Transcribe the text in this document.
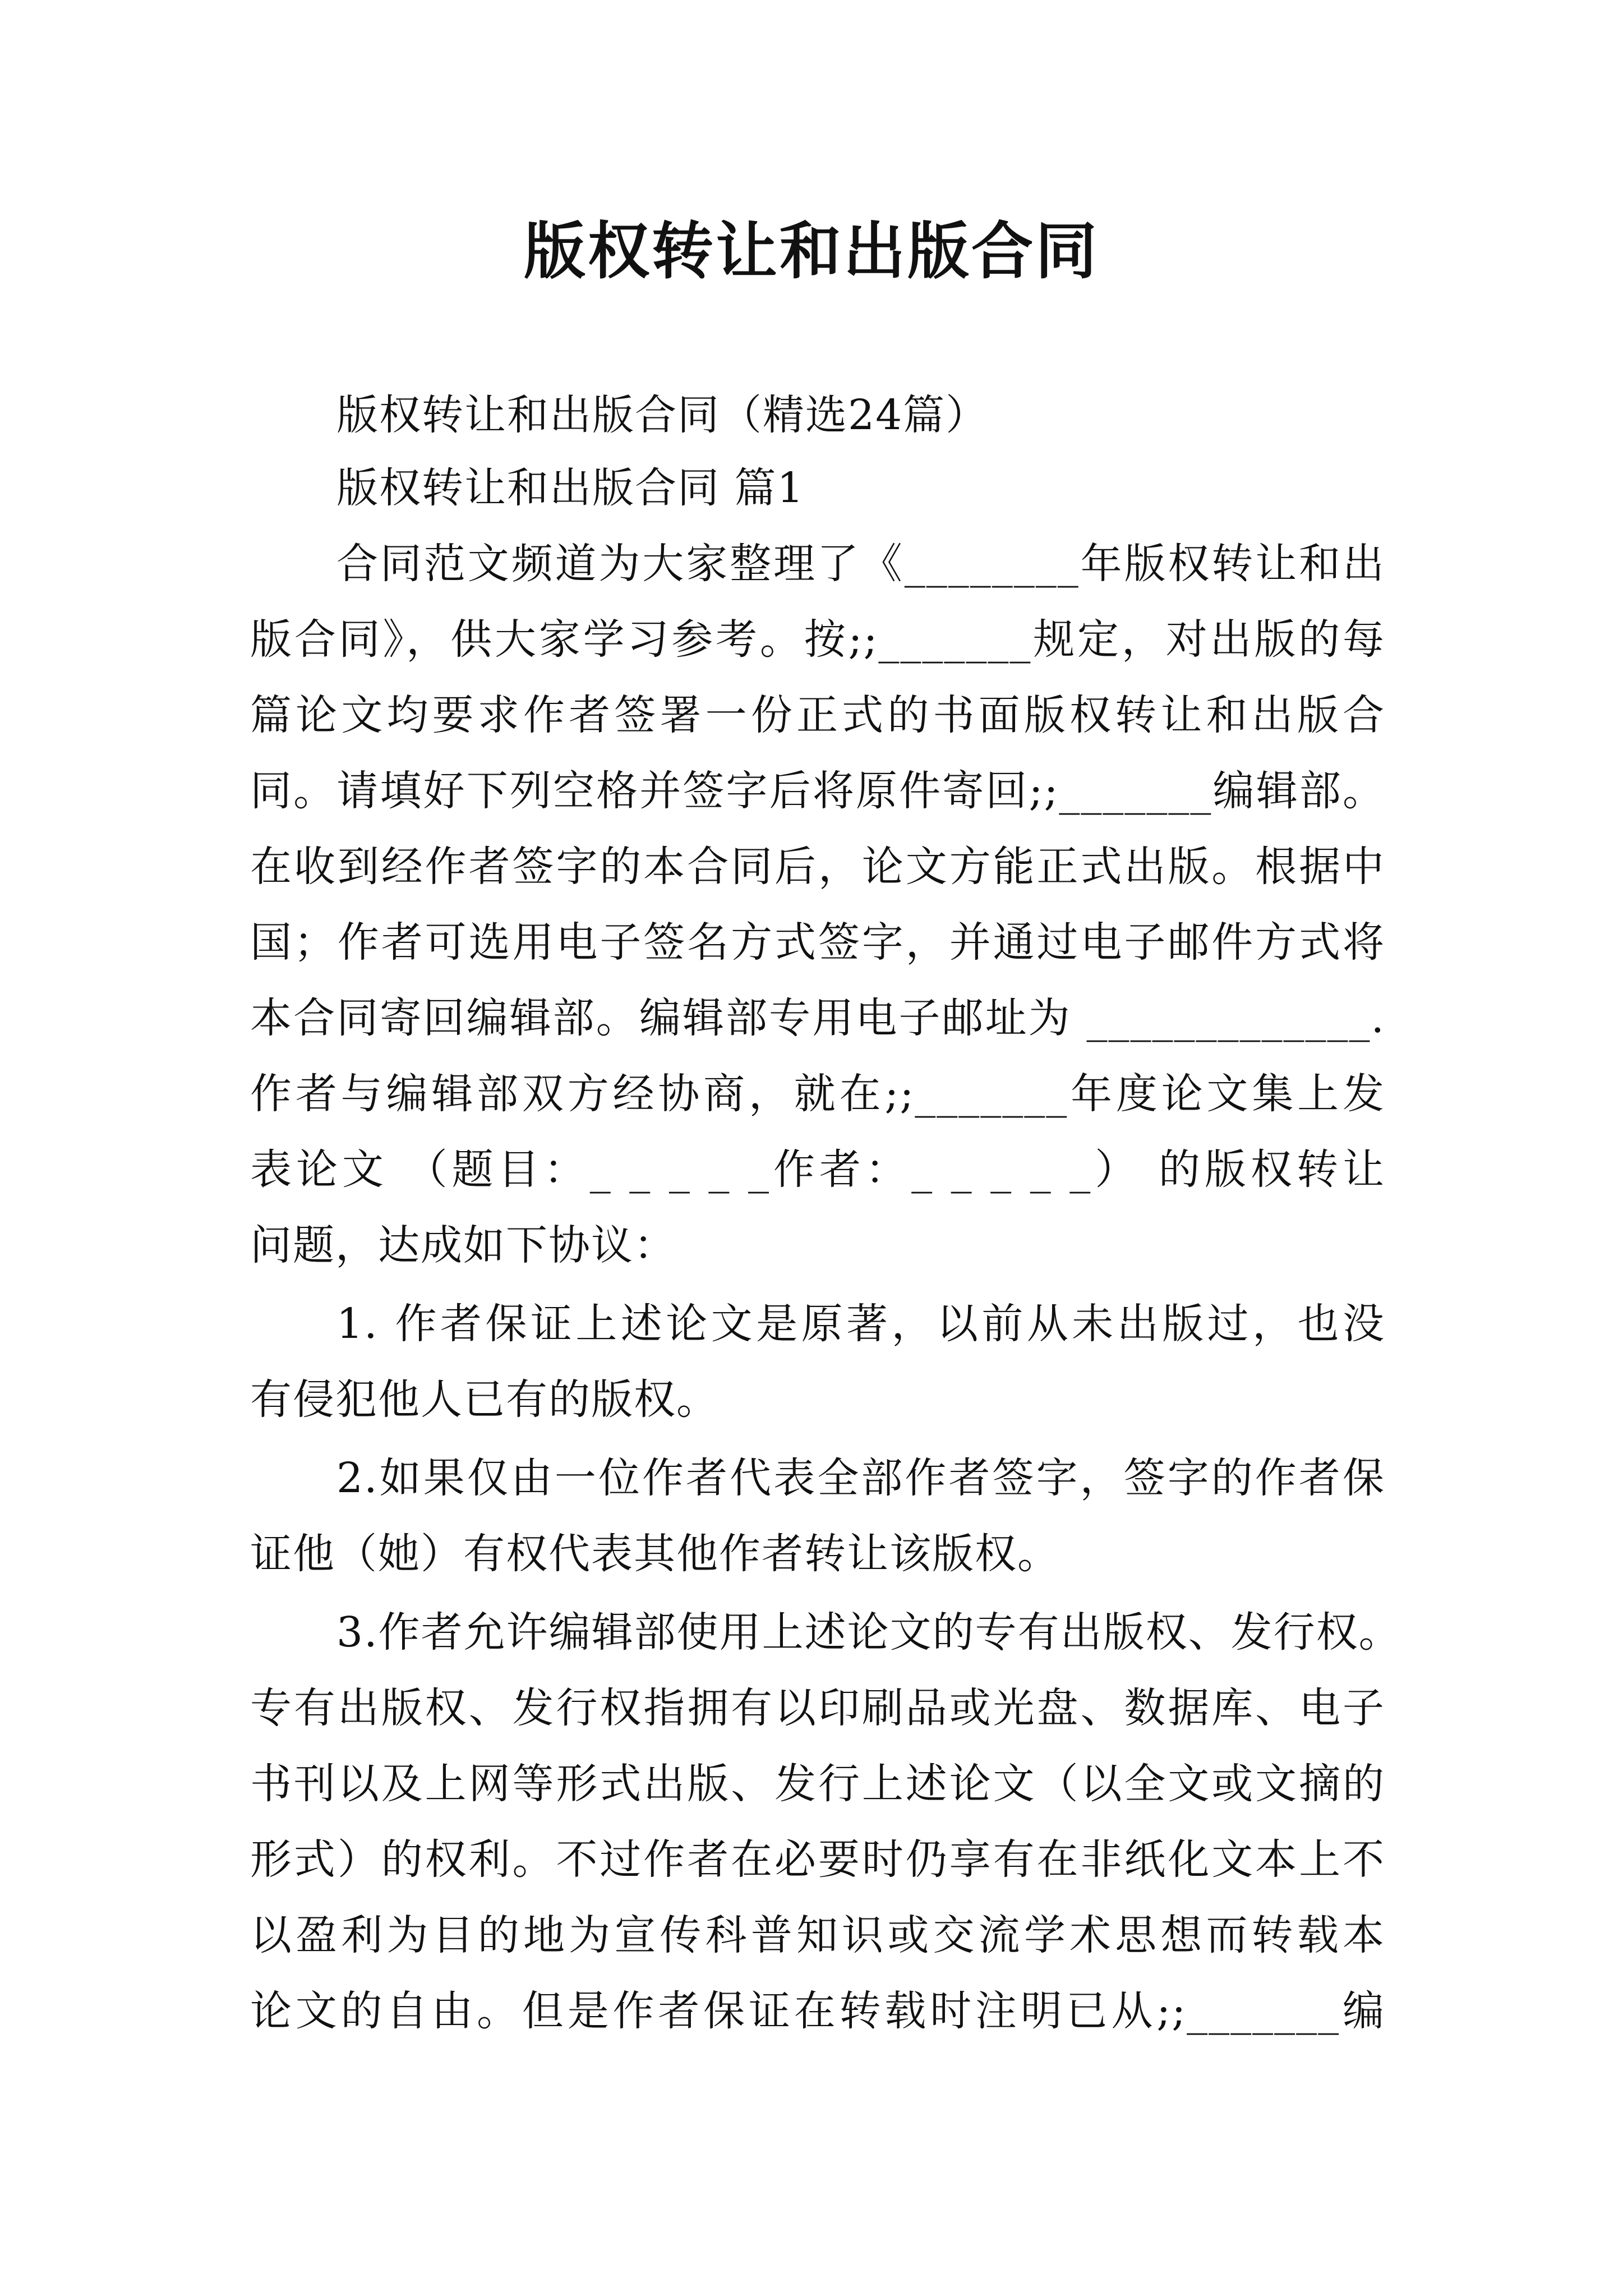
版权转让和出版合同
版权转让和出版合同（精选24篇）
版权转让和出版合同 篇1
合同范文频道为大家整理了《________年版权转让和出
版合同》，供大家学习参考。按;;_______规定，对出版的每
篇论文均要求作者签署一份正式的书面版权转让和出版合
同。请填好下列空格并签字后将原件寄回;;_______编辑部。
在收到经作者签字的本合同后，论文方能正式出版。根据中
国；作者可选用电子签名方式签字，并通过电子邮件方式将
本合同寄回编辑部。编辑部专用电子邮址为 _____________.
作者与编辑部双方经协商，就在;;_______年度论文集上发
表论文 （题目：_ _ _ _ _作者：_ _ _ _ _） 的版权转让
问题，达成如下协议：
1. 作者保证上述论文是原著，以前从未出版过，也没
有侵犯他人已有的版权。
2.如果仅由一位作者代表全部作者签字，签字的作者保
证他（她）有权代表其他作者转让该版权。
3.作者允许编辑部使用上述论文的专有出版权、发行权。
专有出版权、发行权指拥有以印刷品或光盘、数据库、电子
书刊以及上网等形式出版、发行上述论文（以全文或文摘的
形式）的权利。不过作者在必要时仍享有在非纸化文本上不
以盈利为目的地为宣传科普知识或交流学术思想而转载本
论文的自由。但是作者保证在转载时注明已从;;_______编
